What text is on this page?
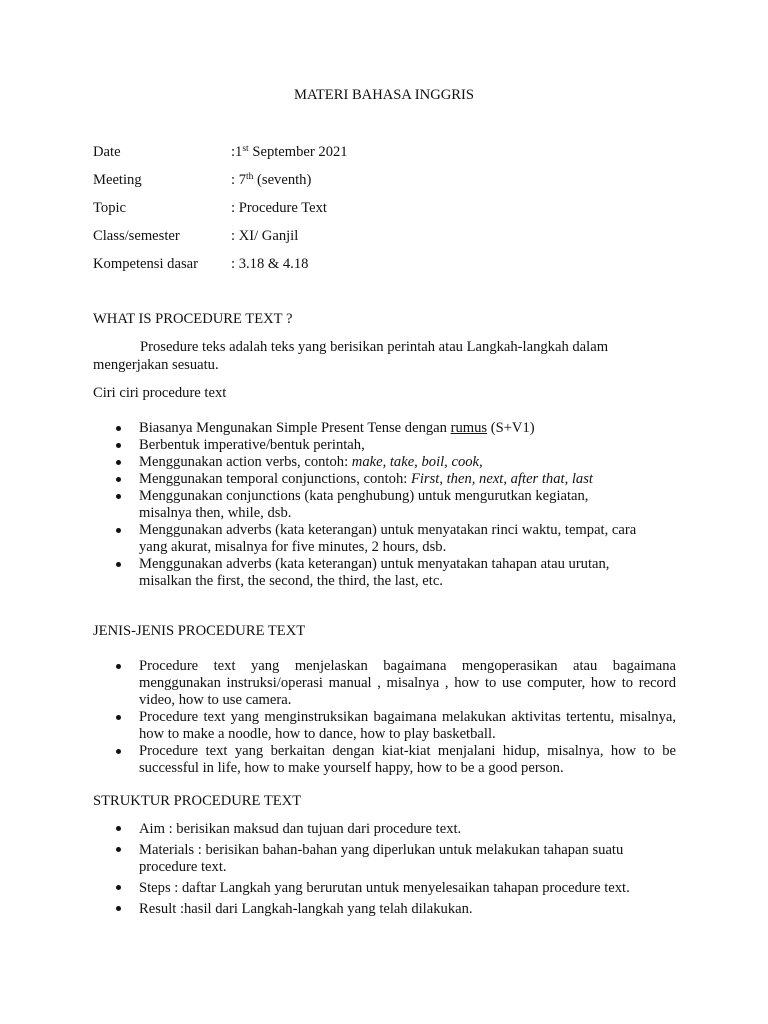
MATERI BAHASA INGGRIS
Date	:1st September 2021
Meeting	: 7th (seventh)
Topic	: Procedure Text
Class/semester	: XI/ Ganjil
Kompetensi dasar : 3.18 & 4.18
WHAT IS PROCEDURE TEXT ?

Prosedure teks adalah teks yang berisikan perintah atau Langkah-langkah dalam

mengerjakan sesuatu.

Ciri ciri procedure text
Biasanya Mengunakan Simple Present Tense dengan rumus (S+V1)
Berbentuk imperative/bentuk perintah,
Menggunakan action verbs, contoh: make, take, boil, cook,
Menggunakan temporal conjunctions, contoh: First, then, next, after that, last
Menggunakan conjunctions (kata penghubung) untuk mengurutkan kegiatan,
misalnya then, while, dsb.
Menggunakan adverbs (kata keterangan) untuk menyatakan rinci waktu, tempat, cara
yang akurat, misalnya for five minutes, 2 hours, dsb.
Menggunakan adverbs (kata keterangan) untuk menyatakan tahapan atau urutan,
misalkan the first, the second, the third, the last, etc.
JENIS-JENIS PROCEDURE TEXT
Procedure text yang menjelaskan bagaimana mengoperasikan atau bagaimana menggunakan instruksi/operasi manual , misalnya , how to use computer, how to record video, how to use camera.
Procedure text yang menginstruksikan bagaimana melakukan aktivitas tertentu, misalnya, how to make a noodle, how to dance, how to play basketball.
Procedure text yang berkaitan dengan kiat-kiat menjalani hidup, misalnya, how to be successful in life, how to make yourself happy, how to be a good person.
STRUKTUR PROCEDURE TEXT
Aim : berisikan maksud dan tujuan dari procedure text.
Materials : berisikan bahan-bahan yang diperlukan untuk melakukan tahapan suatu procedure text.
Steps : daftar Langkah yang berurutan untuk menyelesaikan tahapan procedure text.
Result :hasil dari Langkah-langkah yang telah dilakukan.
